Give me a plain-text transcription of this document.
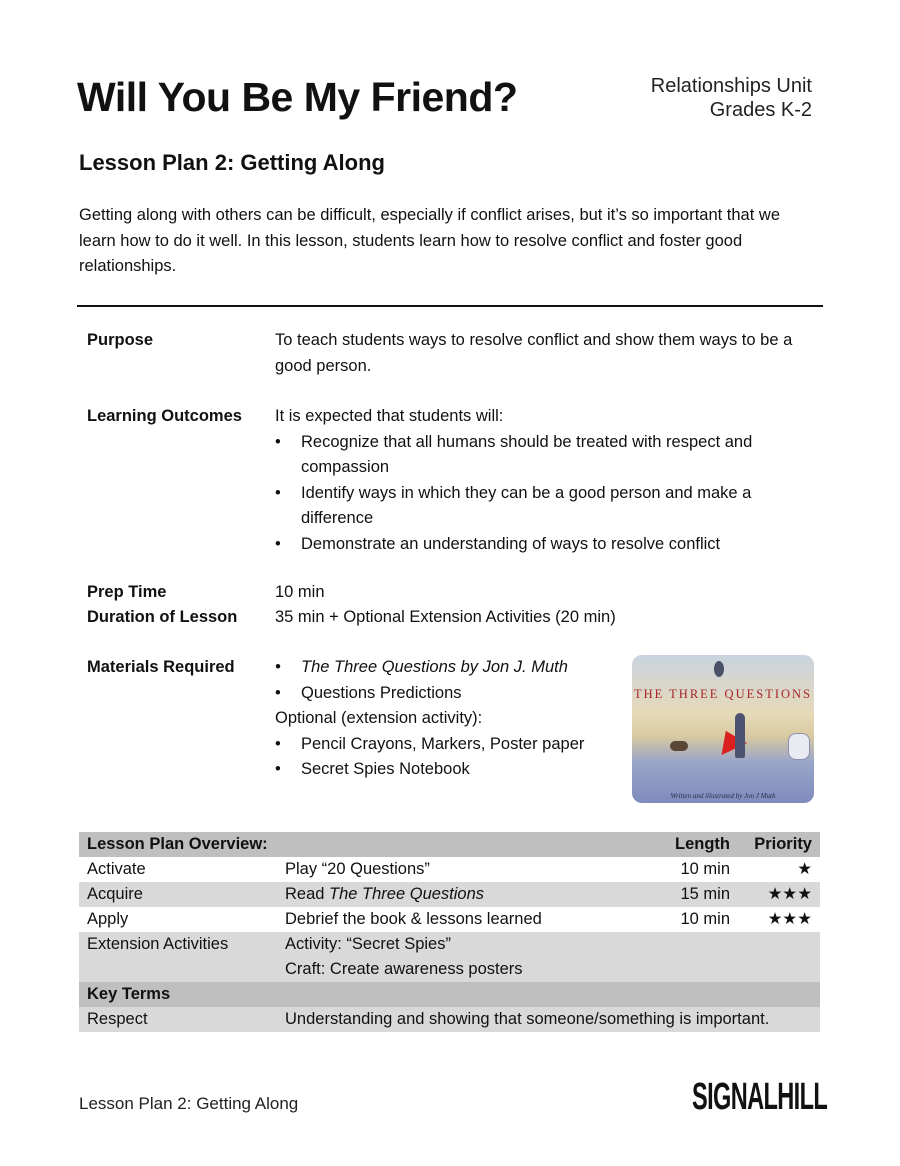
Will You Be My Friend?	Relationships Unit
Grades K-2
Lesson Plan 2: Getting Along

Getting along with others can be difficult, especially if conflict arises, but it’s so important that we learn how to do it well. In this lesson, students learn how to resolve conflict and foster good relationships.

Purpose	To teach students ways to resolve conflict and show them ways to be a good person.
Learning Outcomes	It is expected that students will:
• Recognize that all humans should be treated with respect and compassion
• Identify ways in which they can be a good person and make a difference
• Demonstrate an understanding of ways to resolve conflict
Prep Time	10 min
Duration of Lesson	35 min + Optional Extension Activities (20 min)
Materials Required	• The Three Questions by Jon J. Muth
• Questions Predictions
Optional (extension activity):
• Pencil Crayons, Markers, Poster paper
• Secret Spies Notebook
THE THREE QUESTIONS
Written and illustrated by Jon J Muth
Lesson Plan Overview:		Length	Priority
Activate	Play “20 Questions”	10 min	★
Acquire	Read The Three Questions	15 min	★★★
Apply	Debrief the book & lessons learned	10 min	★★★
Extension Activities	Activity: “Secret Spies”
Craft: Create awareness posters		

Key Terms			
Respect	Understanding and showing that someone/something is important.		
Lesson Plan 2: Getting Along	SIGNALHILL
